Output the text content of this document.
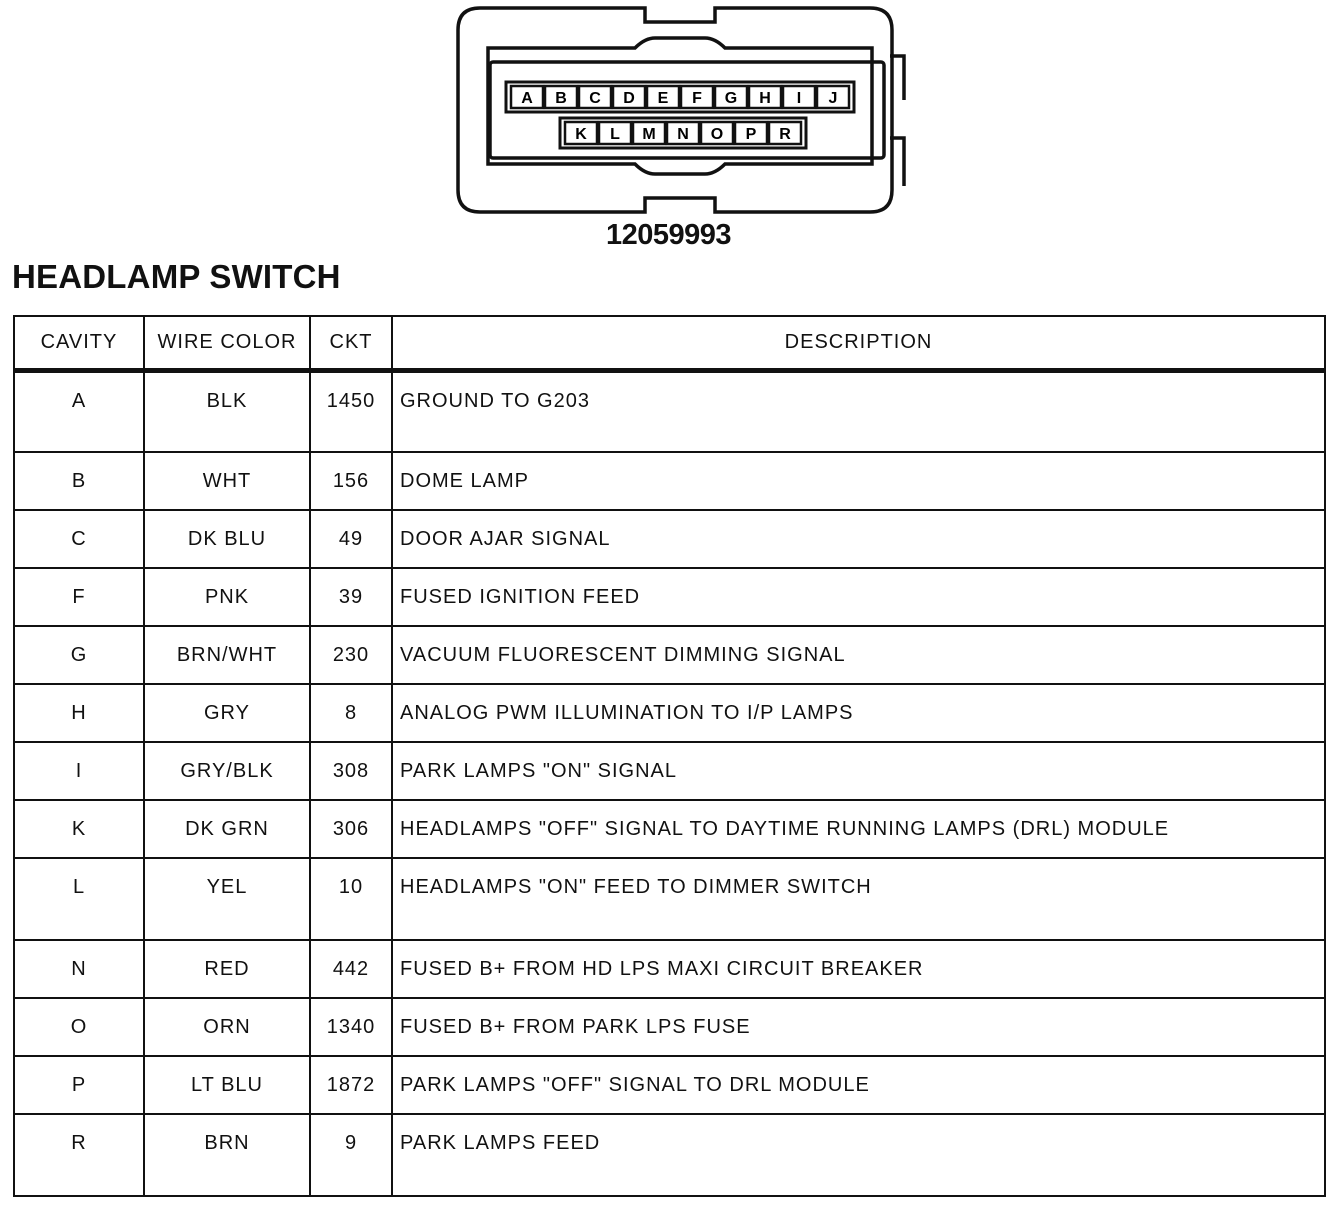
A B C D E F G H I J
K L M N O P R
12059993
HEADLAMP SWITCH
CAVITY	WIRE COLOR	CKT	DESCRIPTION
A	BLK	1450	GROUND TO G203
B	WHT	156	DOME LAMP
C	DK BLU	49	DOOR AJAR SIGNAL
F	PNK	39	FUSED IGNITION FEED
G	BRN/WHT	230	VACUUM FLUORESCENT DIMMING SIGNAL
H	GRY	8	ANALOG PWM ILLUMINATION TO I/P LAMPS
I	GRY/BLK	308	PARK LAMPS "ON" SIGNAL
K	DK GRN	306	HEADLAMPS "OFF" SIGNAL TO DAYTIME RUNNING LAMPS (DRL) MODULE
L	YEL	10	HEADLAMPS "ON" FEED TO DIMMER SWITCH
N	RED	442	FUSED B+ FROM HD LPS MAXI CIRCUIT BREAKER
O	ORN	1340	FUSED B+ FROM PARK LPS FUSE
P	LT BLU	1872	PARK LAMPS "OFF" SIGNAL TO DRL MODULE
R	BRN	9	PARK LAMPS FEED
